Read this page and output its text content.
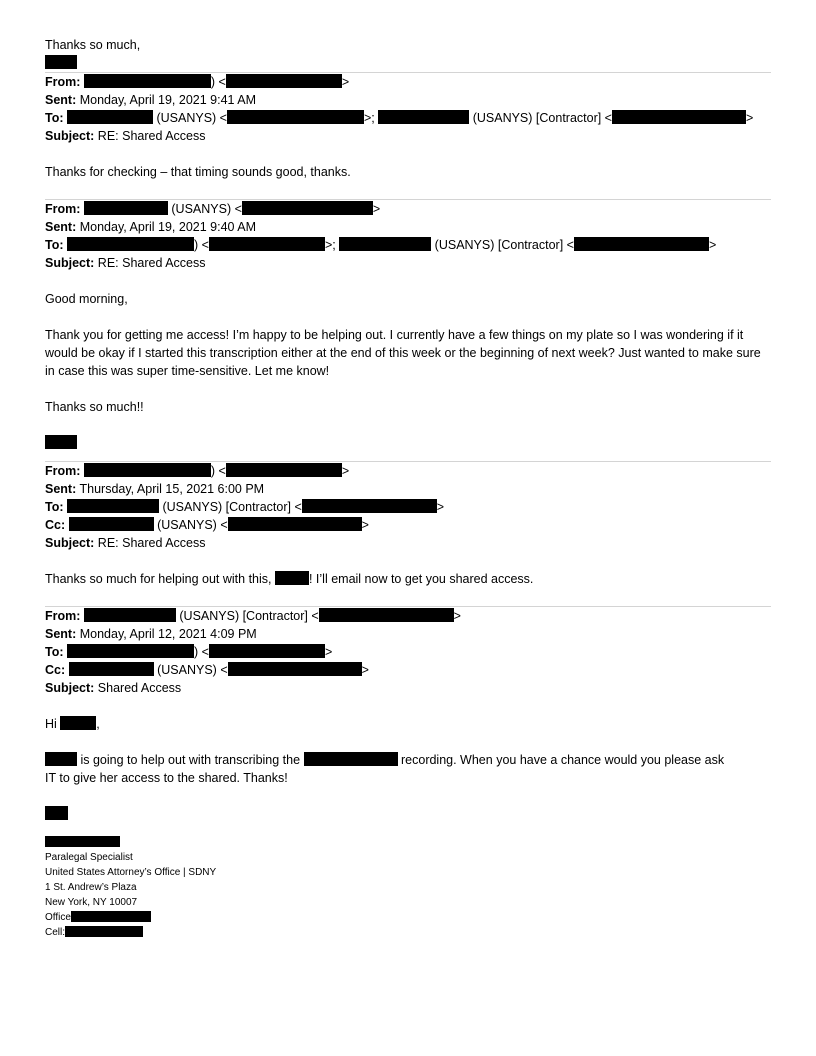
Thanks so much,
From:	) <	>
Sent: Monday, April 19, 2021 9:41 AM
To:	(USANYS) <	>;	(USANYS) [Contractor] <	>
Subject: RE: Shared Access
Thanks for checking – that timing sounds good, thanks.
From:	(USANYS) <	>
Sent: Monday, April 19, 2021 9:40 AM
To:	) <	>;	(USANYS) [Contractor] <	>
Subject: RE: Shared Access
Good morning,
Thank you for getting me access! I’m happy to be helping out. I currently have a few things on my plate so I was wondering if it would be okay if I started this transcription either at the end of this week or the beginning of next week? Just wanted to make sure in case this was super time-sensitive. Let me know!
Thanks so much!!
From:	) <	>
Sent: Thursday, April 15, 2021 6:00 PM
To:	(USANYS) [Contractor] <	>
Cc:	(USANYS) <	>
Subject: RE: Shared Access
Thanks so much for helping out with this,	! I’ll email now to get you shared access.
From:	(USANYS) [Contractor] <	>
Sent: Monday, April 12, 2021 4:09 PM
To:	) <	>
Cc:	(USANYS) <	>
Subject: Shared Access
Hi	,
is going to help out with transcribing the	recording. When you have a chance would you please ask
IT to give her access to the shared. Thanks!
Paralegal Specialist
United States Attorney’s Office | SDNY
1 St. Andrew’s Plaza
New York, NY 10007
Office
Cell:
